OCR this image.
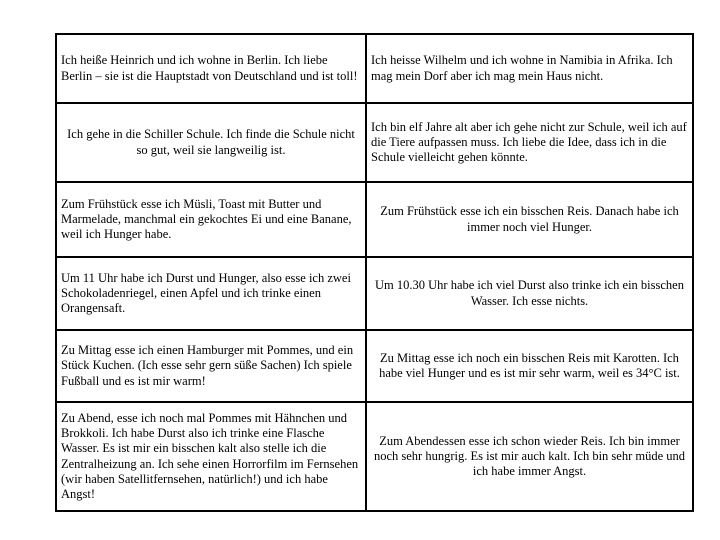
Ich heiße Heinrich und ich wohne in Berlin. Ich liebe Berlin – sie ist die Hauptstadt von Deutschland und ist toll!	Ich heisse Wilhelm und ich wohne in Namibia in Afrika. Ich mag mein Dorf aber ich mag mein Haus nicht.
Ich gehe in die Schiller Schule. Ich finde die Schule nicht so gut, weil sie langweilig ist.	Ich bin elf Jahre alt aber ich gehe nicht zur Schule, weil ich auf die Tiere aufpassen muss. Ich liebe die Idee, dass ich in die Schule vielleicht gehen könnte.
Zum Frühstück esse ich Müsli, Toast mit Butter und Marmelade, manchmal ein gekochtes Ei und eine Banane, weil ich Hunger habe.	Zum Frühstück esse ich ein bisschen Reis. Danach habe ich immer noch viel Hunger.
Um 11 Uhr habe ich Durst und Hunger, also esse ich zwei Schokoladenriegel, einen Apfel und ich trinke einen Orangensaft.	Um 10.30 Uhr habe ich viel Durst also trinke ich ein bisschen Wasser. Ich esse nichts.
Zu Mittag esse ich einen Hamburger mit Pommes, und ein Stück Kuchen. (Ich esse sehr gern süße Sachen) Ich spiele Fußball und es ist mir warm!	Zu Mittag esse ich noch ein bisschen Reis mit Karotten. Ich habe viel Hunger und es ist mir sehr warm, weil es 34°C ist.
Zu Abend, esse ich noch mal Pommes mit Hähnchen und Brokkoli. Ich habe Durst also ich trinke eine Flasche Wasser. Es ist mir ein bisschen kalt also stelle ich die Zentralheizung an. Ich sehe einen Horrorfilm im Fernsehen (wir haben Satellitfernsehen, natürlich!) und ich habe Angst!	Zum Abendessen esse ich schon wieder Reis. Ich bin immer noch sehr hungrig. Es ist mir auch kalt. Ich bin sehr müde und ich habe immer Angst.
